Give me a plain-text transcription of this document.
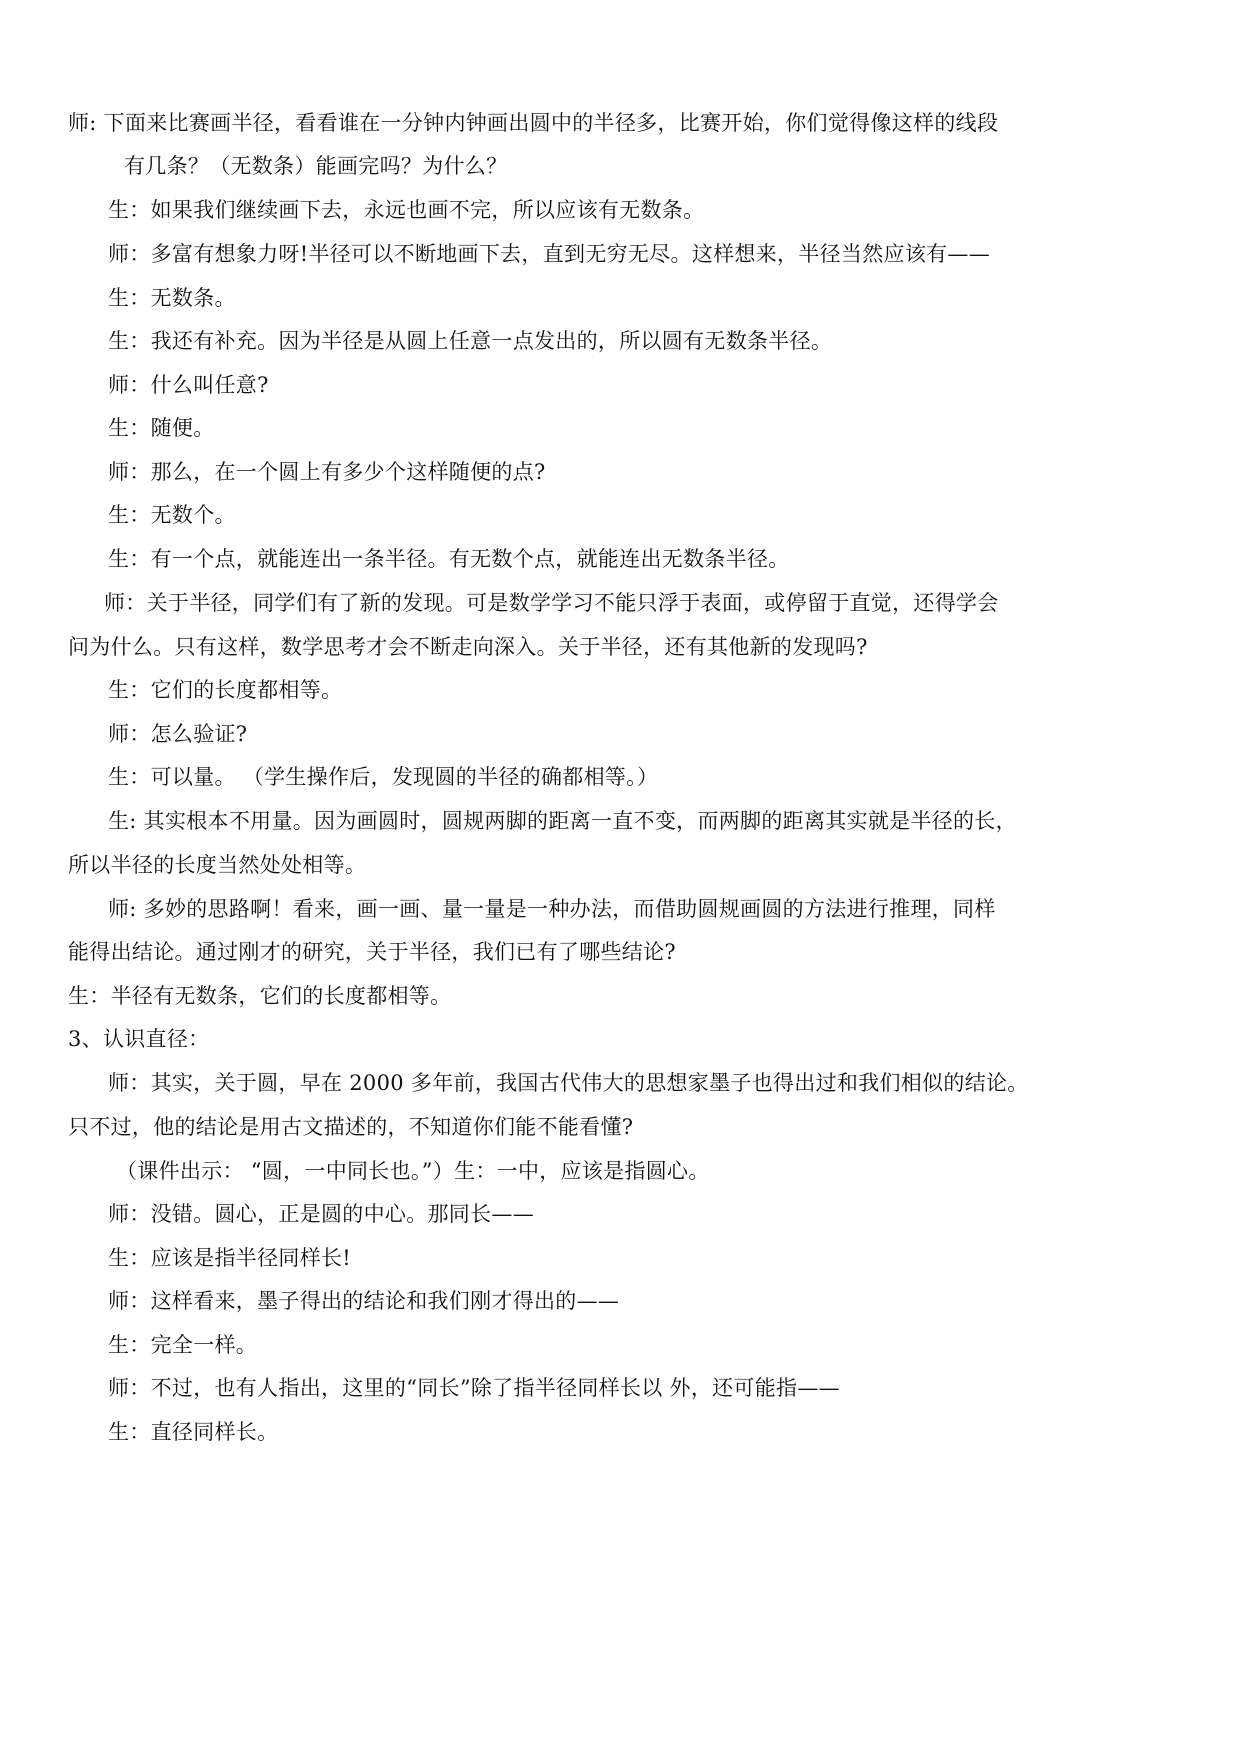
师: 下面来比赛画半径，看看谁在一分钟内钟画出圆中的半径多，比赛开始，你们觉得像这样的线段
有几条？（无数条）能画完吗？为什么？
生：如果我们继续画下去，永远也画不完，所以应该有无数条。
师：多富有想象力呀!半径可以不断地画下去，直到无穷无尽。这样想来，半径当然应该有——
生：无数条。
生：我还有补充。因为半径是从圆上任意一点发出的，所以圆有无数条半径。
师：什么叫任意?
生：随便。
师：那么，在一个圆上有多少个这样随便的点?
生：无数个。
生：有一个点，就能连出一条半径。有无数个点，就能连出无数条半径。
师：关于半径，同学们有了新的发现。可是数学学习不能只浮于表面，或停留于直觉，还得学会
问为什么。只有这样，数学思考才会不断走向深入。关于半径，还有其他新的发现吗?
生：它们的长度都相等。
师：怎么验证?
生：可以量。 （学生操作后，发现圆的半径的确都相等。）
生: 其实根本不用量。因为画圆时，圆规两脚的距离一直不变，而两脚的距离其实就是半径的长，
所以半径的长度当然处处相等。
师: 多妙的思路啊！看来，画一画、量一量是一种办法，而借助圆规画圆的方法进行推理，同样
能得出结论。通过刚才的研究，关于半径，我们已有了哪些结论?
生：半径有无数条，它们的长度都相等。
3、认识直径：
师：其实，关于圆，早在 2000 多年前，我国古代伟大的思想家墨子也得出过和我们相似的结论。
只不过，他的结论是用古文描述的，不知道你们能不能看懂?
（课件出示： “圆，一中同长也。”）生：一中，应该是指圆心。
师：没错。圆心，正是圆的中心。那同长——
生：应该是指半径同样长!
师：这样看来，墨子得出的结论和我们刚才得出的——
生：完全一样。
师：不过，也有人指出，这里的“同长”除了指半径同样长以 外，还可能指——
生：直径同样长。
